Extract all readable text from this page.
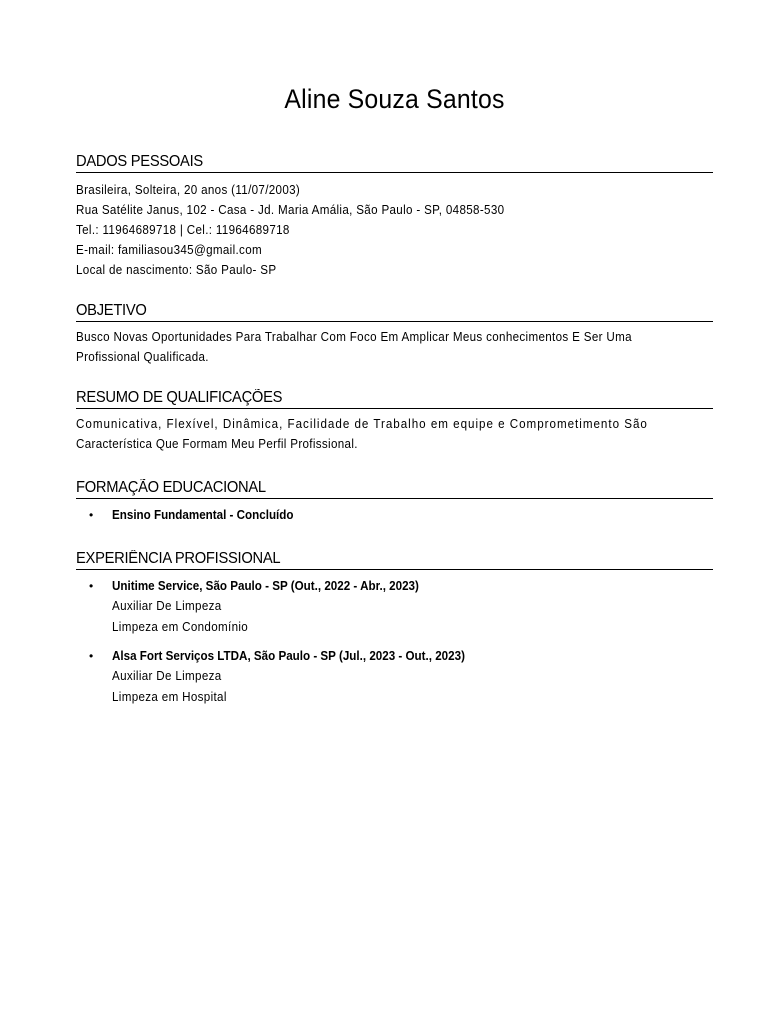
Aline Souza Santos
DADOS PESSOAIS
Brasileira, Solteira, 20 anos (11/07/2003)
Rua Satélite Janus, 102 - Casa - Jd. Maria Amália, São Paulo - SP, 04858-530
Tel.: 11964689718 | Cel.: 11964689718
E-mail: familiasou345@gmail.com
Local de nascimento: São Paulo- SP
OBJETIVO
Busco Novas Oportunidades Para Trabalhar Com Foco Em Amplicar Meus conhecimentos E Ser Uma
Profissional Qualificada.
RESUMO DE QUALIFICAÇÕES
Comunicativa, Flexível, Dinâmica, Facilidade de Trabalho em equipe e Comprometimento São
Característica Que Formam Meu Perfil Profissional.
FORMAÇÃO EDUCACIONAL
• Ensino Fundamental - Concluído
EXPERIÊNCIA PROFISSIONAL
• Unitime Service, São Paulo - SP (Out., 2022 - Abr., 2023)
Auxiliar De Limpeza
Limpeza em Condomínio
• Alsa Fort Serviços LTDA, São Paulo - SP (Jul., 2023 - Out., 2023)
Auxiliar De Limpeza
Limpeza em Hospital
